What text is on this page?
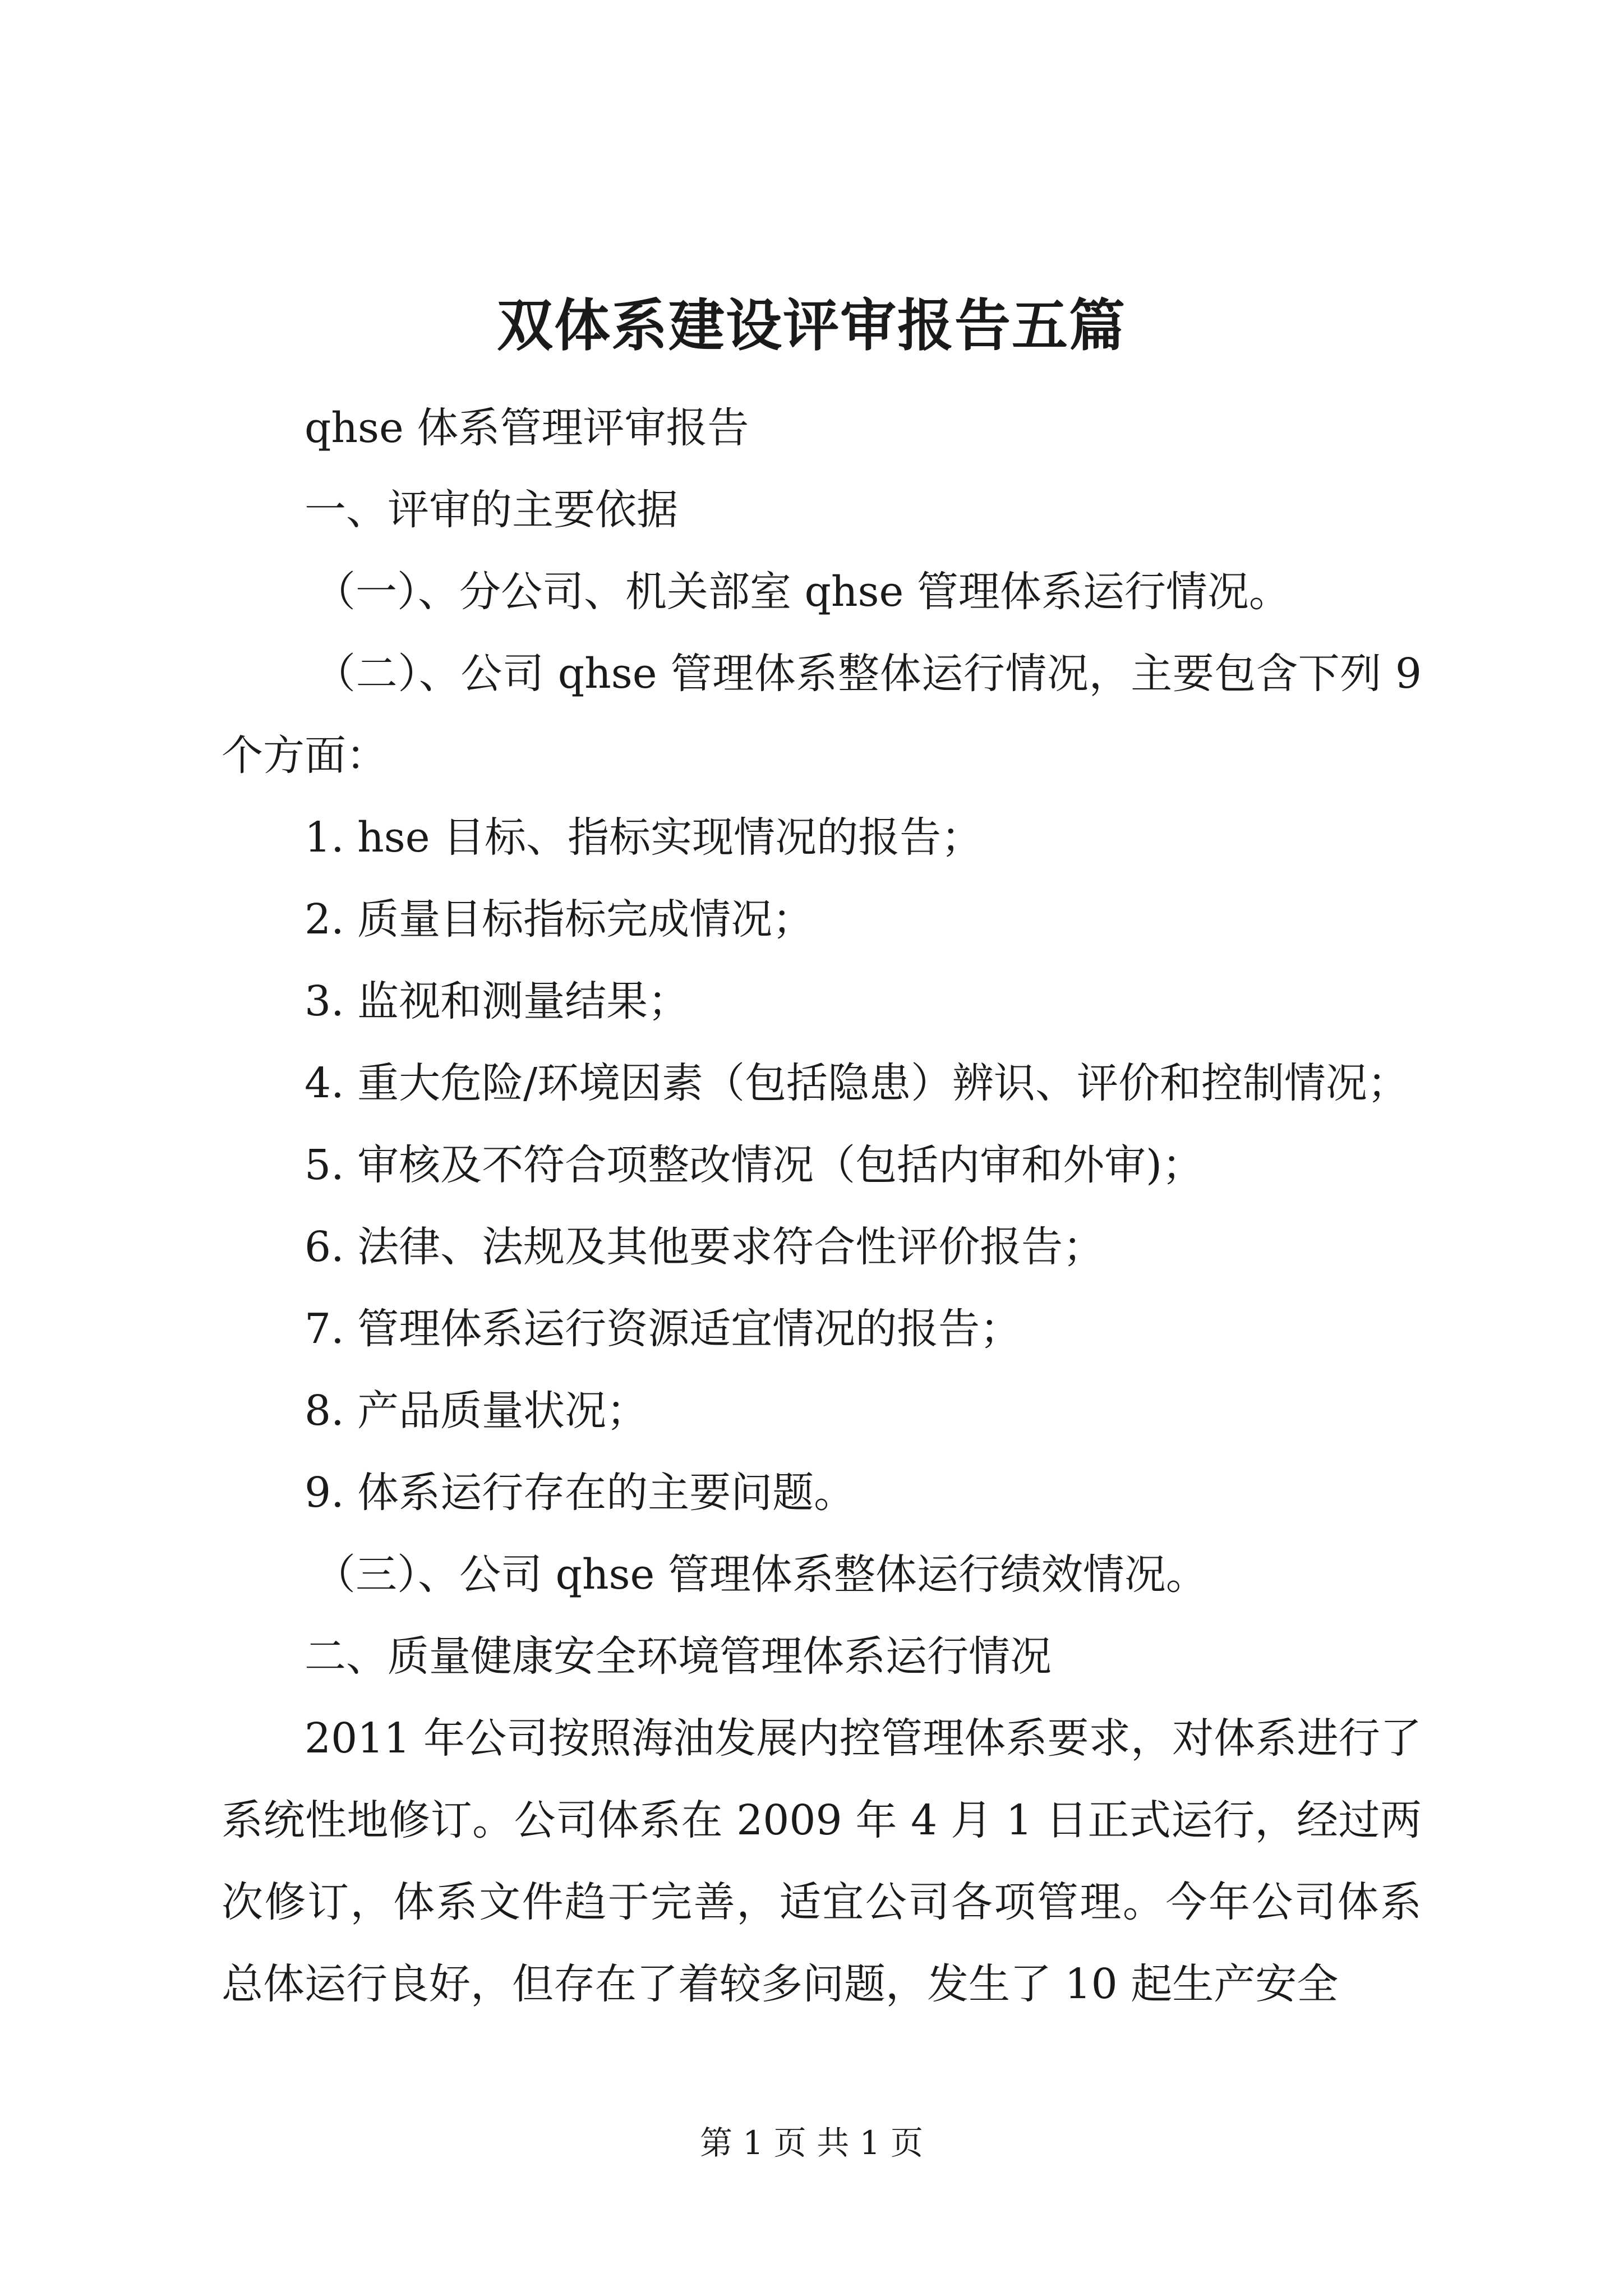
双体系建设评审报告五篇

qhse 体系管理评审报告

一、评审的主要依据

（一）、分公司、机关部室 qhse 管理体系运行情况。

（二）、公司 qhse 管理体系整体运行情况，主要包含下列 9 个方面：

1. hse 目标、指标实现情况的报告；

2. 质量目标指标完成情况；

3. 监视和测量结果；

4. 重大危险/环境因素（包括隐患）辨识、评价和控制情况；

5. 审核及不符合项整改情况（包括内审和外审)；

6. 法律、法规及其他要求符合性评价报告；

7. 管理体系运行资源适宜情况的报告；

8. 产品质量状况；

9. 体系运行存在的主要问题。

（三）、公司 qhse 管理体系整体运行绩效情况。

二、质量健康安全环境管理体系运行情况

2011 年公司按照海油发展内控管理体系要求，对体系进行了系统性地修订。公司体系在 2009 年 4 月 1 日正式运行，经过两次修订，体系文件趋于完善，适宜公司各项管理。今年公司体系总体运行良好，但存在了着较多问题，发生了 10 起生产安全

第 1 页 共 1 页
